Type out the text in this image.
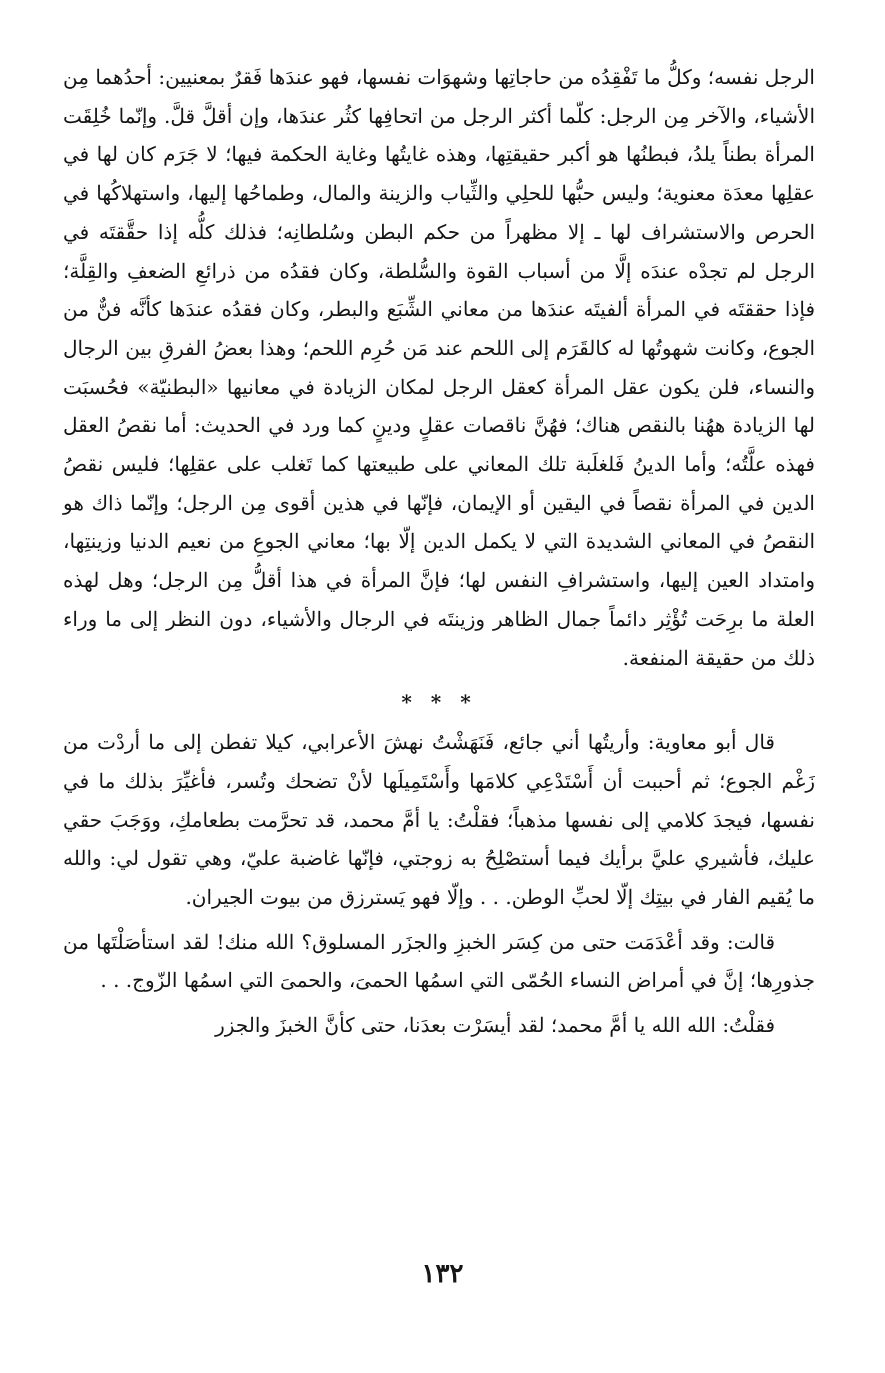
الرجل نفسه؛ وكلُّ ما تَفْقِدُه من حاجاتِها وشهوَات نفسها، فهو عندَها فَقرٌ بمعنيين: أحدُهما مِن الأشياء، والآخر مِن الرجل: كلّما أكثر الرجل من اتحافِها كثُر عندَها، وإن أقلَّ قلَّ. وإنّما خُلِقَت المرأة بطناً يلدُ، فبطنُها هو أكبر حقيقتِها، وهذه غايتُها وغاية الحكمة فيها؛ لا جَرَم كان لها في عقلِها معدَة معنوية؛ وليس حبُّها للحلِي والثِّياب والزينة والمال، وطماحُها إليها، واستهلاكُها في الحرص والاستشراف لها ـ إلا مظهراً من حكم البطن وسُلطانِه؛ فذلك كلُّه إذا حقَّقتَه في الرجل لم تجدْه عندَه إلَّا من أسباب القوة والسُّلطة، وكان فقدُه من ذرائعِ الضعفِ والقِلَّة؛ فإذا حققتَه في المرأة ألفيتَه عندَها من معاني الشِّبَع والبطر، وكان فقدُه عندَها كأنَّه فنٌّ من الجوع، وكانت شهوتُها له كالقَرَم إلى اللحم عند مَن حُرِم اللحم؛ وهذا بعضُ الفرقِ بين الرجال والنساء، فلن يكون عقل المرأة كعقل الرجل لمكان الزيادة في معانيها «البطنيّة» فحُسبَت لها الزيادة ههُنا بالنقص هناك؛ فهُنَّ ناقصات عقلٍ ودينٍ كما ورد في الحديث: أما نقصُ العقل فهذه علَّتُه؛ وأما الدينُ فَلغلَبة تلك المعاني على طبيعتها كما تَغلب على عقلِها؛ فليس نقصُ الدين في المرأة نقصاً في اليقين أو الإيمان، فإنّها في هذين أقوى مِن الرجل؛ وإنّما ذاك هو النقصُ في المعاني الشديدة التي لا يكمل الدين إلّا بها؛ معاني الجوعِ من نعيم الدنيا وزينتِها، وامتداد العين إليها، واستشرافِ النفس لها؛ فإنَّ المرأة في هذا أقلُّ مِن الرجل؛ وهل لهذه العلة ما برِحَت تُؤْثِر دائماً جمال الظاهر وزينتَه في الرجال والأشياء، دون النظر إلى ما وراء ذلك من حقيقة المنفعة.

* * *

قال أبو معاوية: وأريتُها أني جائع، فَنَهَشْتُ نهشَ الأعرابي، كيلا تفطن إلى ما أردْت من زَغْم الجوع؛ ثم أحببت أن أَسْتَدْعِي كلامَها وأَسْتَمِيلَها لأنْ تضحك وتُسر، فأغيِّرَ بذلك ما في نفسها، فيجدَ كلامي إلى نفسها مذهباً؛ فقلْتُ: يا أمَّ محمد، قد تحرَّمت بطعامكِ، ووَجَبَ حقي عليك، فأشيري عليَّ برأيك فيما أستصْلِحُ به زوجتي، فإنّها غاضبة عليّ، وهي تقول لي: والله ما يُقيم الفار في بيتِك إلّا لحبِّ الوطن. . . وإلّا فهو يَسترزق من بيوت الجيران.

قالت: وقد أعْدَمَت حتى من كِسَر الخبزِ والجزَر المسلوق؟ الله منك! لقد استأصَلْتَها من جذورِها؛ إنَّ في أمراض النساء الحُمّى التي اسمُها الحمىَ، والحمىَ التي اسمُها الزّوج. . .

فقلْتُ: الله الله يا أمَّ محمد؛ لقد أيسَرْت بعدَنا، حتى كأنَّ الخبزَ والجزر

١٣٢
